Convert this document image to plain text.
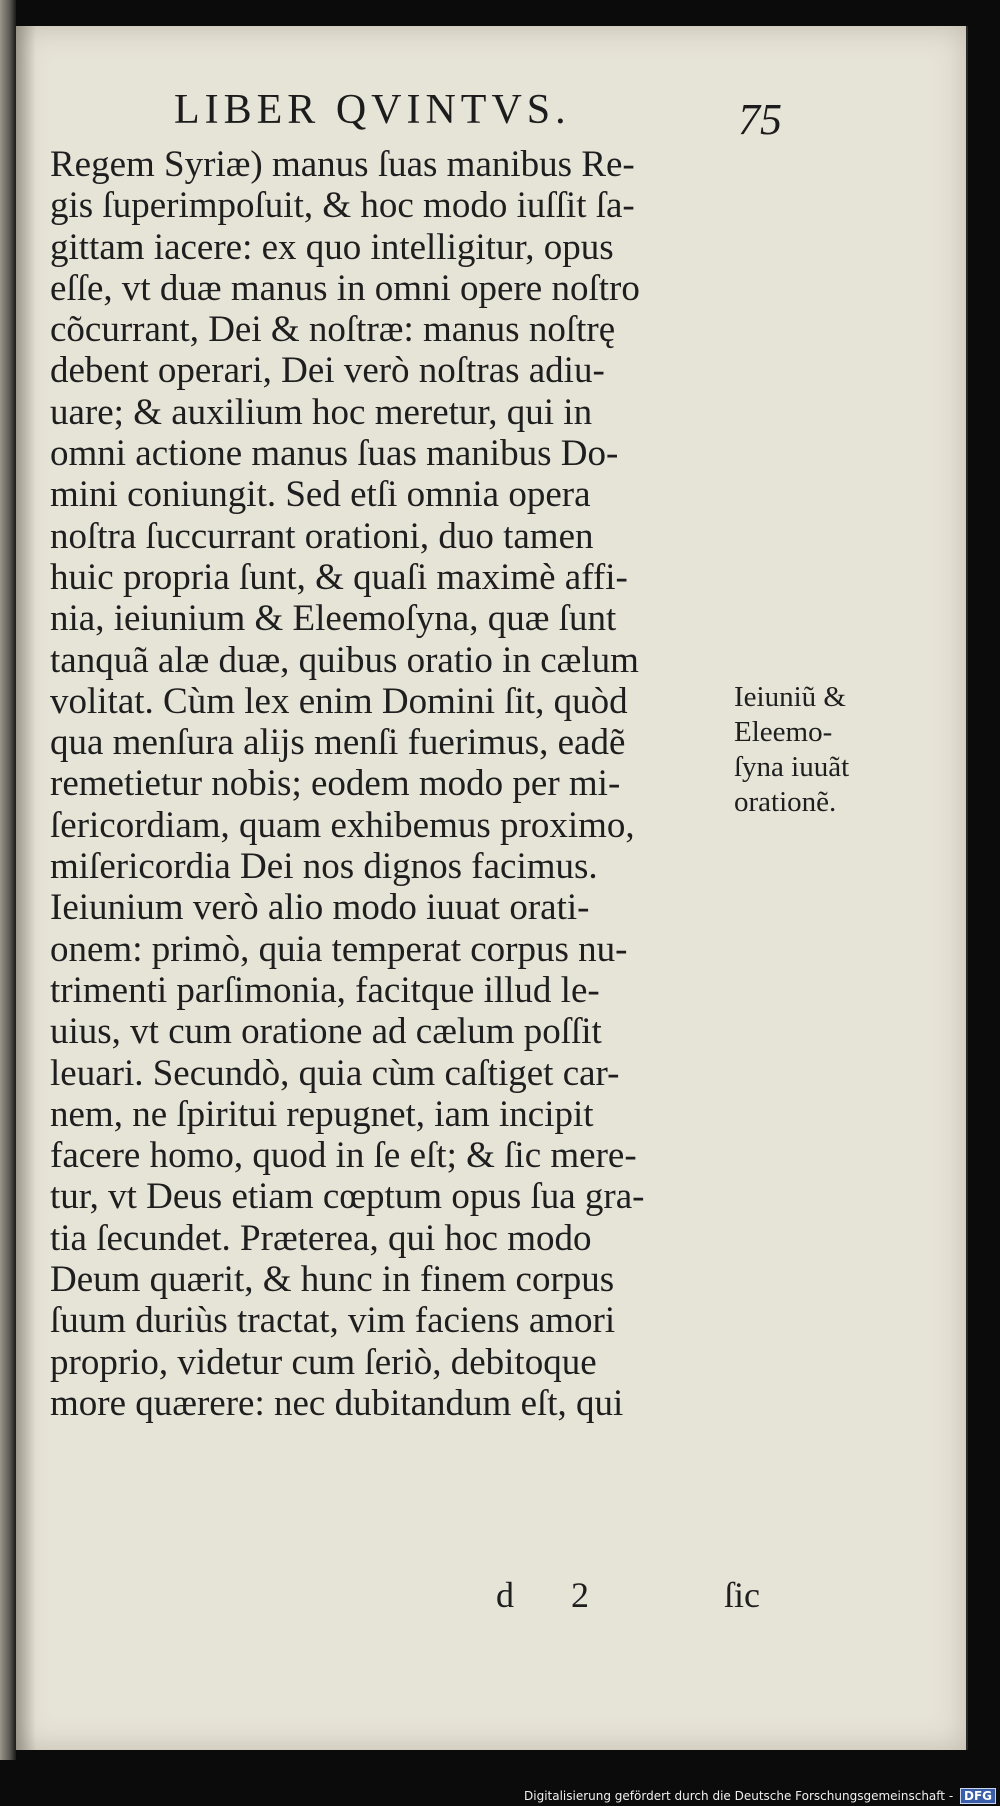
LIBER QVINTVS.	75
Regem Syriæ) manus ſuas manibus Re-
gis ſuperimpoſuit, & hoc modo iuſſit ſa-
gittam iacere: ex quo intelligitur, opus
eſſe, vt duæ manus in omni opere noſtro
cõcurrant, Dei & noſtræ: manus noſtrę
debent operari, Dei verò noſtras adiu-
uare; & auxilium hoc meretur, qui in
omni actione manus ſuas manibus Do-
mini coniungit. Sed etſi omnia opera
noſtra ſuccurrant orationi, duo tamen
huic propria ſunt, & quaſi maximè affi-
nia, ieiunium & Eleemoſyna, quæ ſunt
tanquã alæ duæ, quibus oratio in cælum
volitat. Cùm lex enim Domini ſit, quòd
qua menſura alijs menſi fuerimus, eadẽ
remetietur nobis; eodem modo per mi-
ſericordiam, quam exhibemus proximo,
miſericordia Dei nos dignos facimus.
Ieiunium verò alio modo iuuat orati-
onem: primò, quia temperat corpus nu-
trimenti parſimonia, facitque illud le-
uius, vt cum oratione ad cælum poſſit
leuari. Secundò, quia cùm caſtiget car-
nem, ne ſpiritui repugnet, iam incipit
facere homo, quod in ſe eſt; & ſic mere-
tur, vt Deus etiam cœptum opus ſua gra-
tia ſecundet. Præterea, qui hoc modo
Deum quærit, & hunc in finem corpus
ſuum duriùs tractat, vim faciens amori
proprio, videtur cum ſeriò, debitoque
more quærere: nec dubitandum eſt, qui
Ieiuniũ &
Eleemo-
ſyna iuuãt
orationẽ.
d 2	ſic
Digitalisierung gefördert durch die Deutsche Forschungsgemeinschaft - DFG
